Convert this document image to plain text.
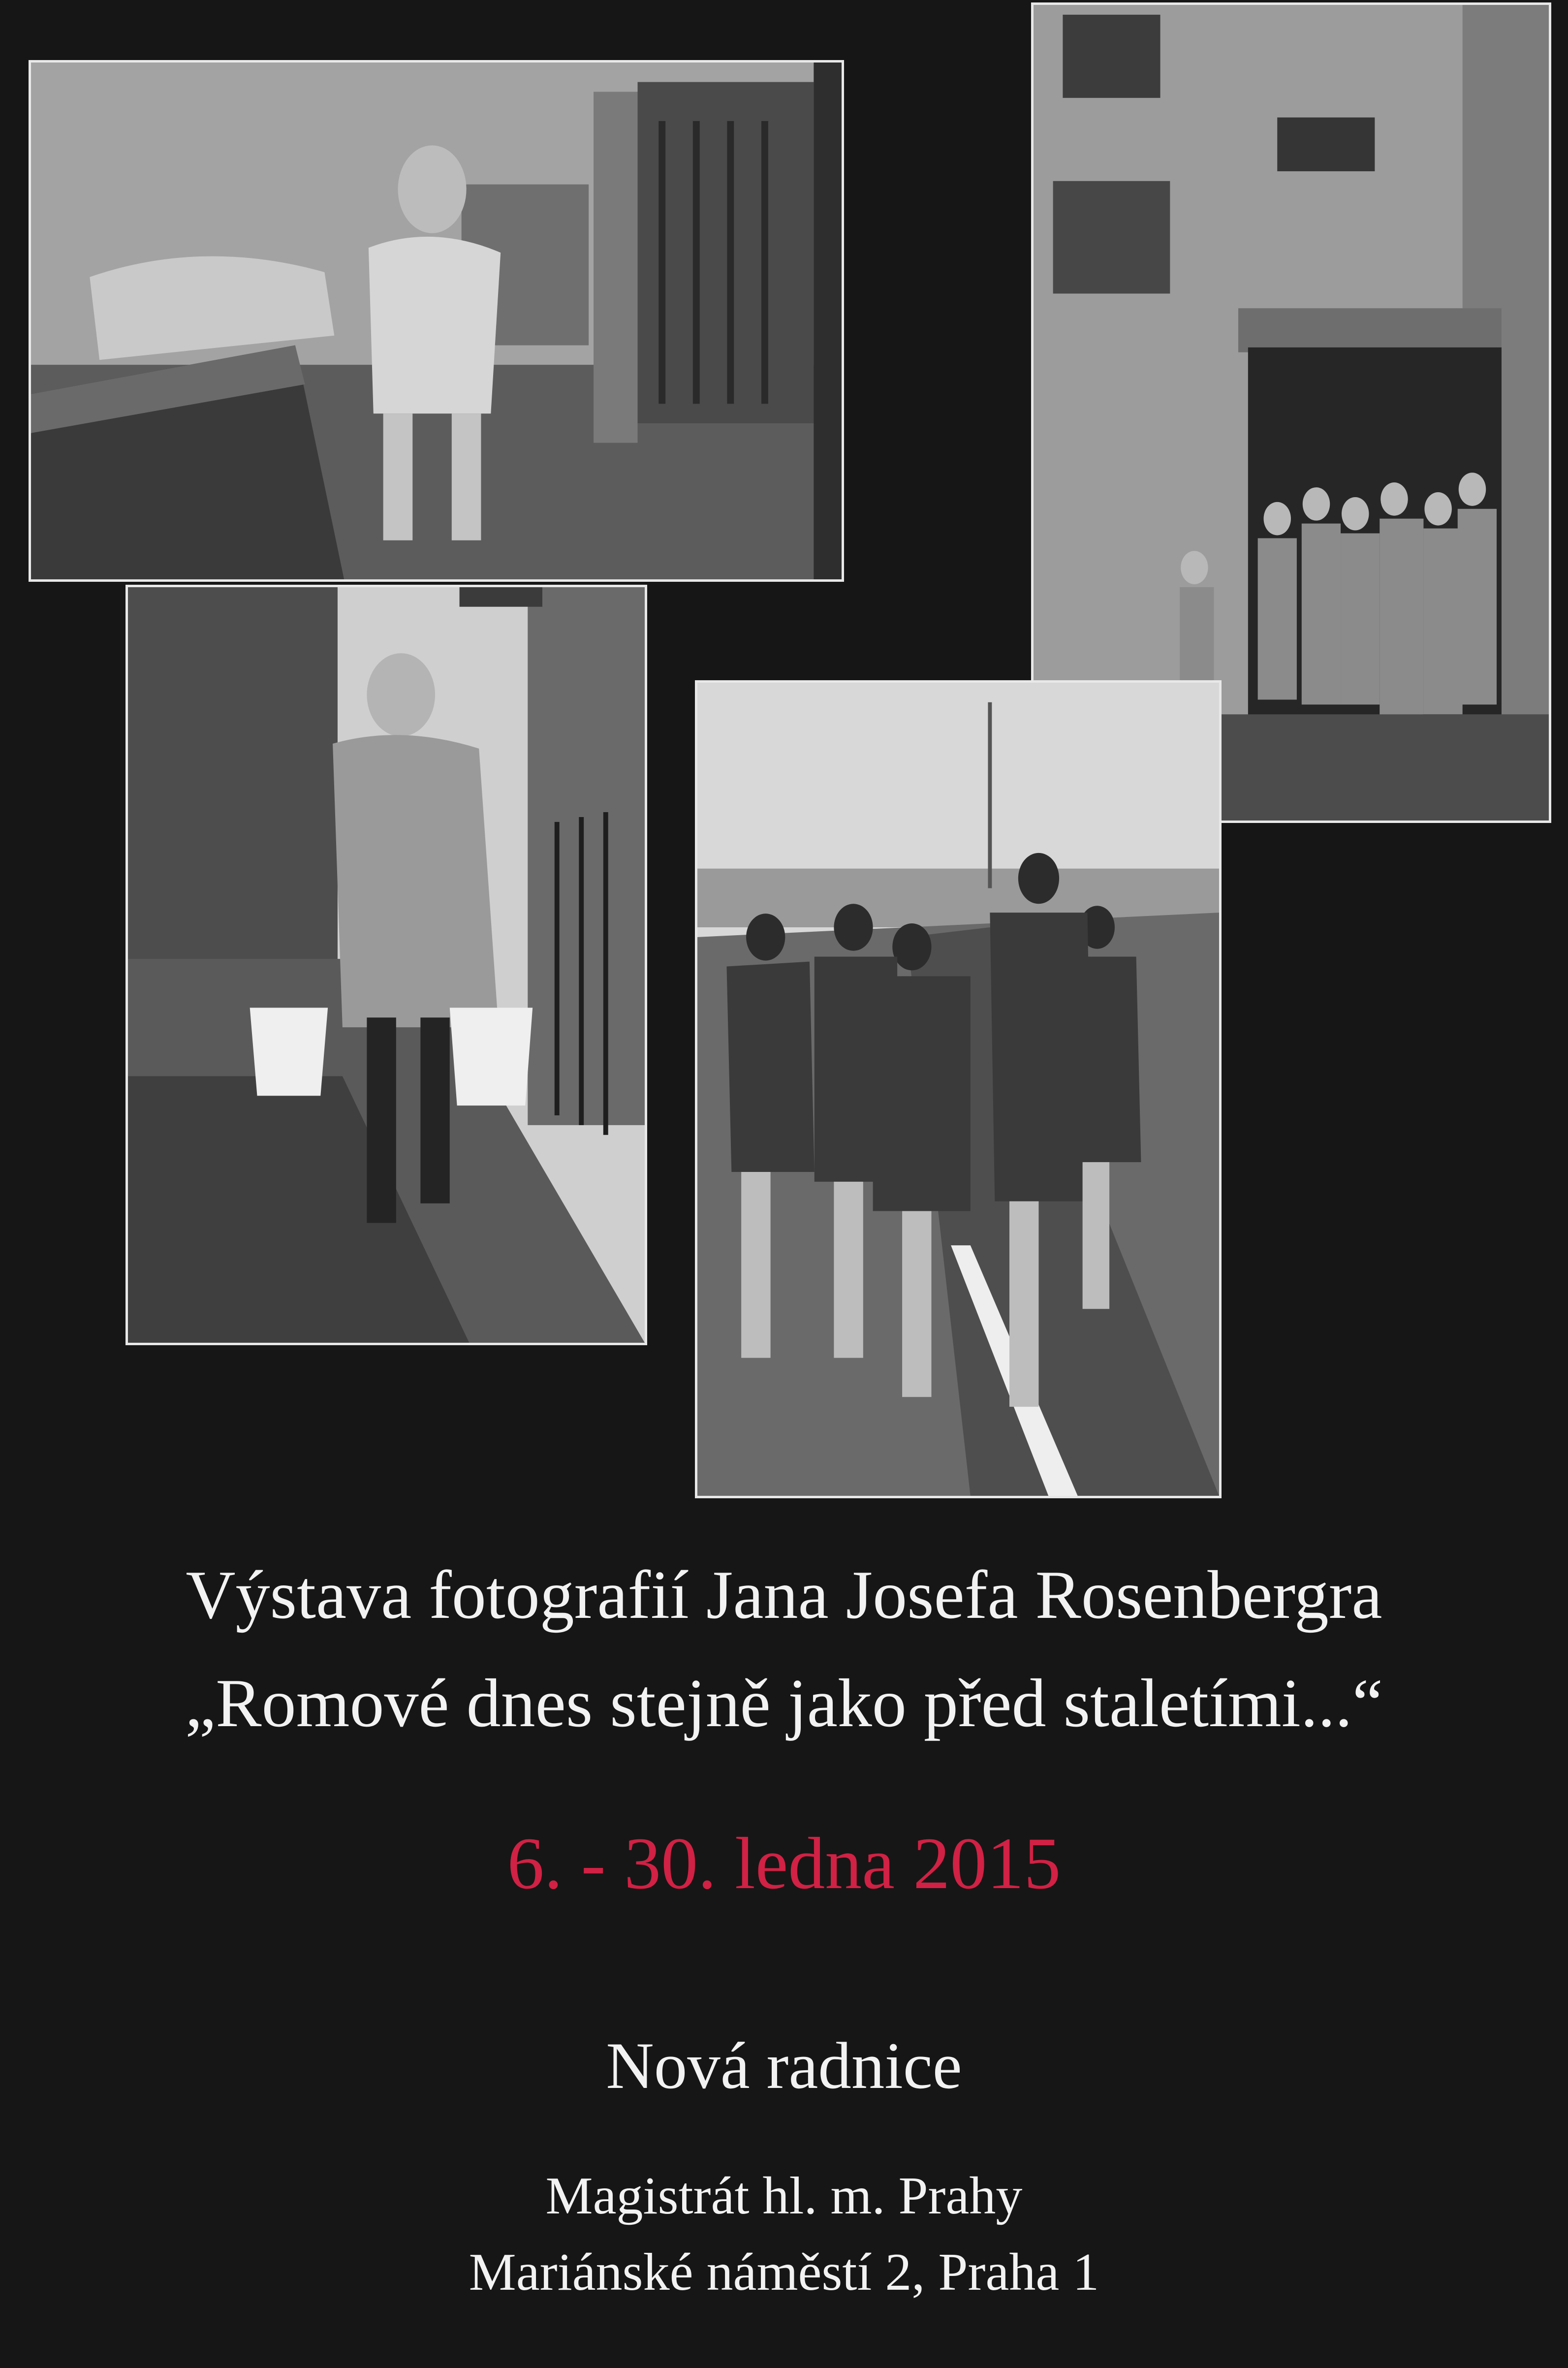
Výstava fotografií Jana Josefa Rosenbergra
„Romové dnes stejně jako před staletími...“
6. - 30. ledna 2015
Nová radnice
Magistrát hl. m. Prahy
Mariánské náměstí 2, Praha 1
